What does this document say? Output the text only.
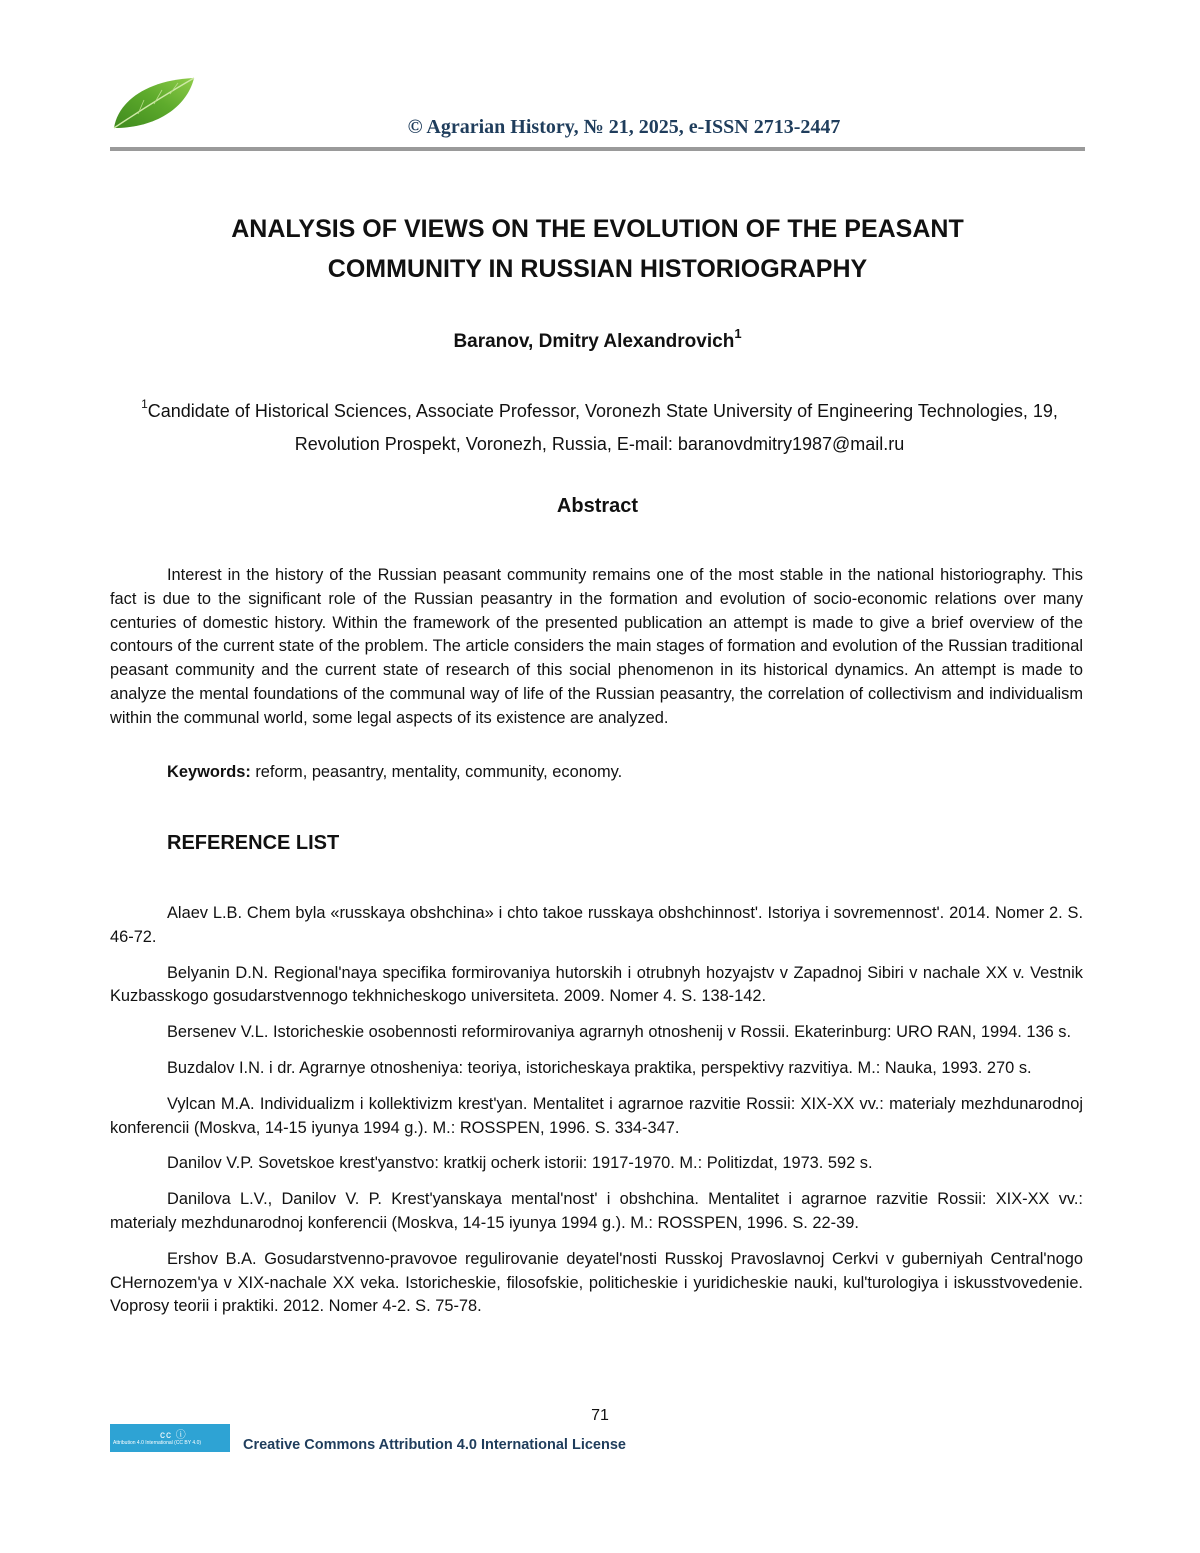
© Agrarian History, № 21, 2025, e-ISSN 2713-2447
ANALYSIS OF VIEWS ON THE EVOLUTION OF THE PEASANT
COMMUNITY IN RUSSIAN HISTORIOGRAPHY

Baranov, Dmitry Alexandrovich$^1$

$^1$Candidate of Historical Sciences, Associate Professor, Voronezh State University of Engineering Technologies, 19, Revolution Prospekt, Voronezh, Russia, E-mail: baranovdmitry1987@mail.ru

Abstract

Interest in the history of the Russian peasant community remains one of the most stable in the national historiography. This fact is due to the significant role of the Russian peasantry in the formation and evolution of socio-economic relations over many centuries of domestic history. Within the framework of the presented publication an attempt is made to give a brief overview of the contours of the current state of the problem. The article considers the main stages of formation and evolution of the Russian traditional peasant community and the current state of research of this social phenomenon in its historical dynamics. An attempt is made to analyze the mental foundations of the communal way of life of the Russian peasantry, the correlation of collectivism and individualism within the communal world, some legal aspects of its existence are analyzed.

Keywords: reform, peasantry, mentality, community, economy.

REFERENCE LIST
Alaev L.B. Chem byla «russkaya obshchina» i chto takoe russkaya obshchinnost'. Istoriya i sovremennost'. 2014. Nomer 2. S. 46-72.
Belyanin D.N. Regional'naya specifika formirovaniya hutorskih i otrubnyh hozyajstv v Zapadnoj Sibiri v nachale XX v. Vestnik Kuzbasskogo gosudarstvennogo tekhnicheskogo universiteta. 2009. Nomer 4. S. 138-142.
Bersenev V.L. Istoricheskie osobennosti reformirovaniya agrarnyh otnoshenij v Rossii. Ekaterinburg: URO RAN, 1994. 136 s.
Buzdalov I.N. i dr. Agrarnye otnosheniya: teoriya, istoricheskaya praktika, perspektivy razvitiya. M.: Nauka, 1993. 270 s.
Vylcan M.A. Individualizm i kollektivizm krest'yan. Mentalitet i agrarnoe razvitie Rossii: XIX-XX vv.: materialy mezhdunarodnoj konferencii (Moskva, 14-15 iyunya 1994 g.). M.: ROSSPEN, 1996. S. 334-347.
Danilov V.P. Sovetskoe krest'yanstvo: kratkij ocherk istorii: 1917-1970. M.: Politizdat, 1973. 592 s.
Danilova L.V., Danilov V. P. Krest'yanskaya mental'nost' i obshchina. Mentalitet i agrarnoe razvitie Rossii: XIX-XX vv.: materialy mezhdunarodnoj konferencii (Moskva, 14-15 iyunya 1994 g.). M.: ROSSPEN, 1996. S. 22-39.
Ershov B.A. Gosudarstvenno-pravovoe regulirovanie deyatel'nosti Russkoj Pravoslavnoj Cerkvi v guberniyah Central'nogo CHernozem'ya v XIX-nachale XX veka. Istoricheskie, filosofskie, politicheskie i yuridicheskie nauki, kul'turologiya i iskusstvovedenie. Voprosy teorii i praktiki. 2012. Nomer 4-2. S. 75-78.

71

cc ⓘ
Attribution 4.0 International (CC BY 4.0)	Creative Commons Attribution 4.0 International License
